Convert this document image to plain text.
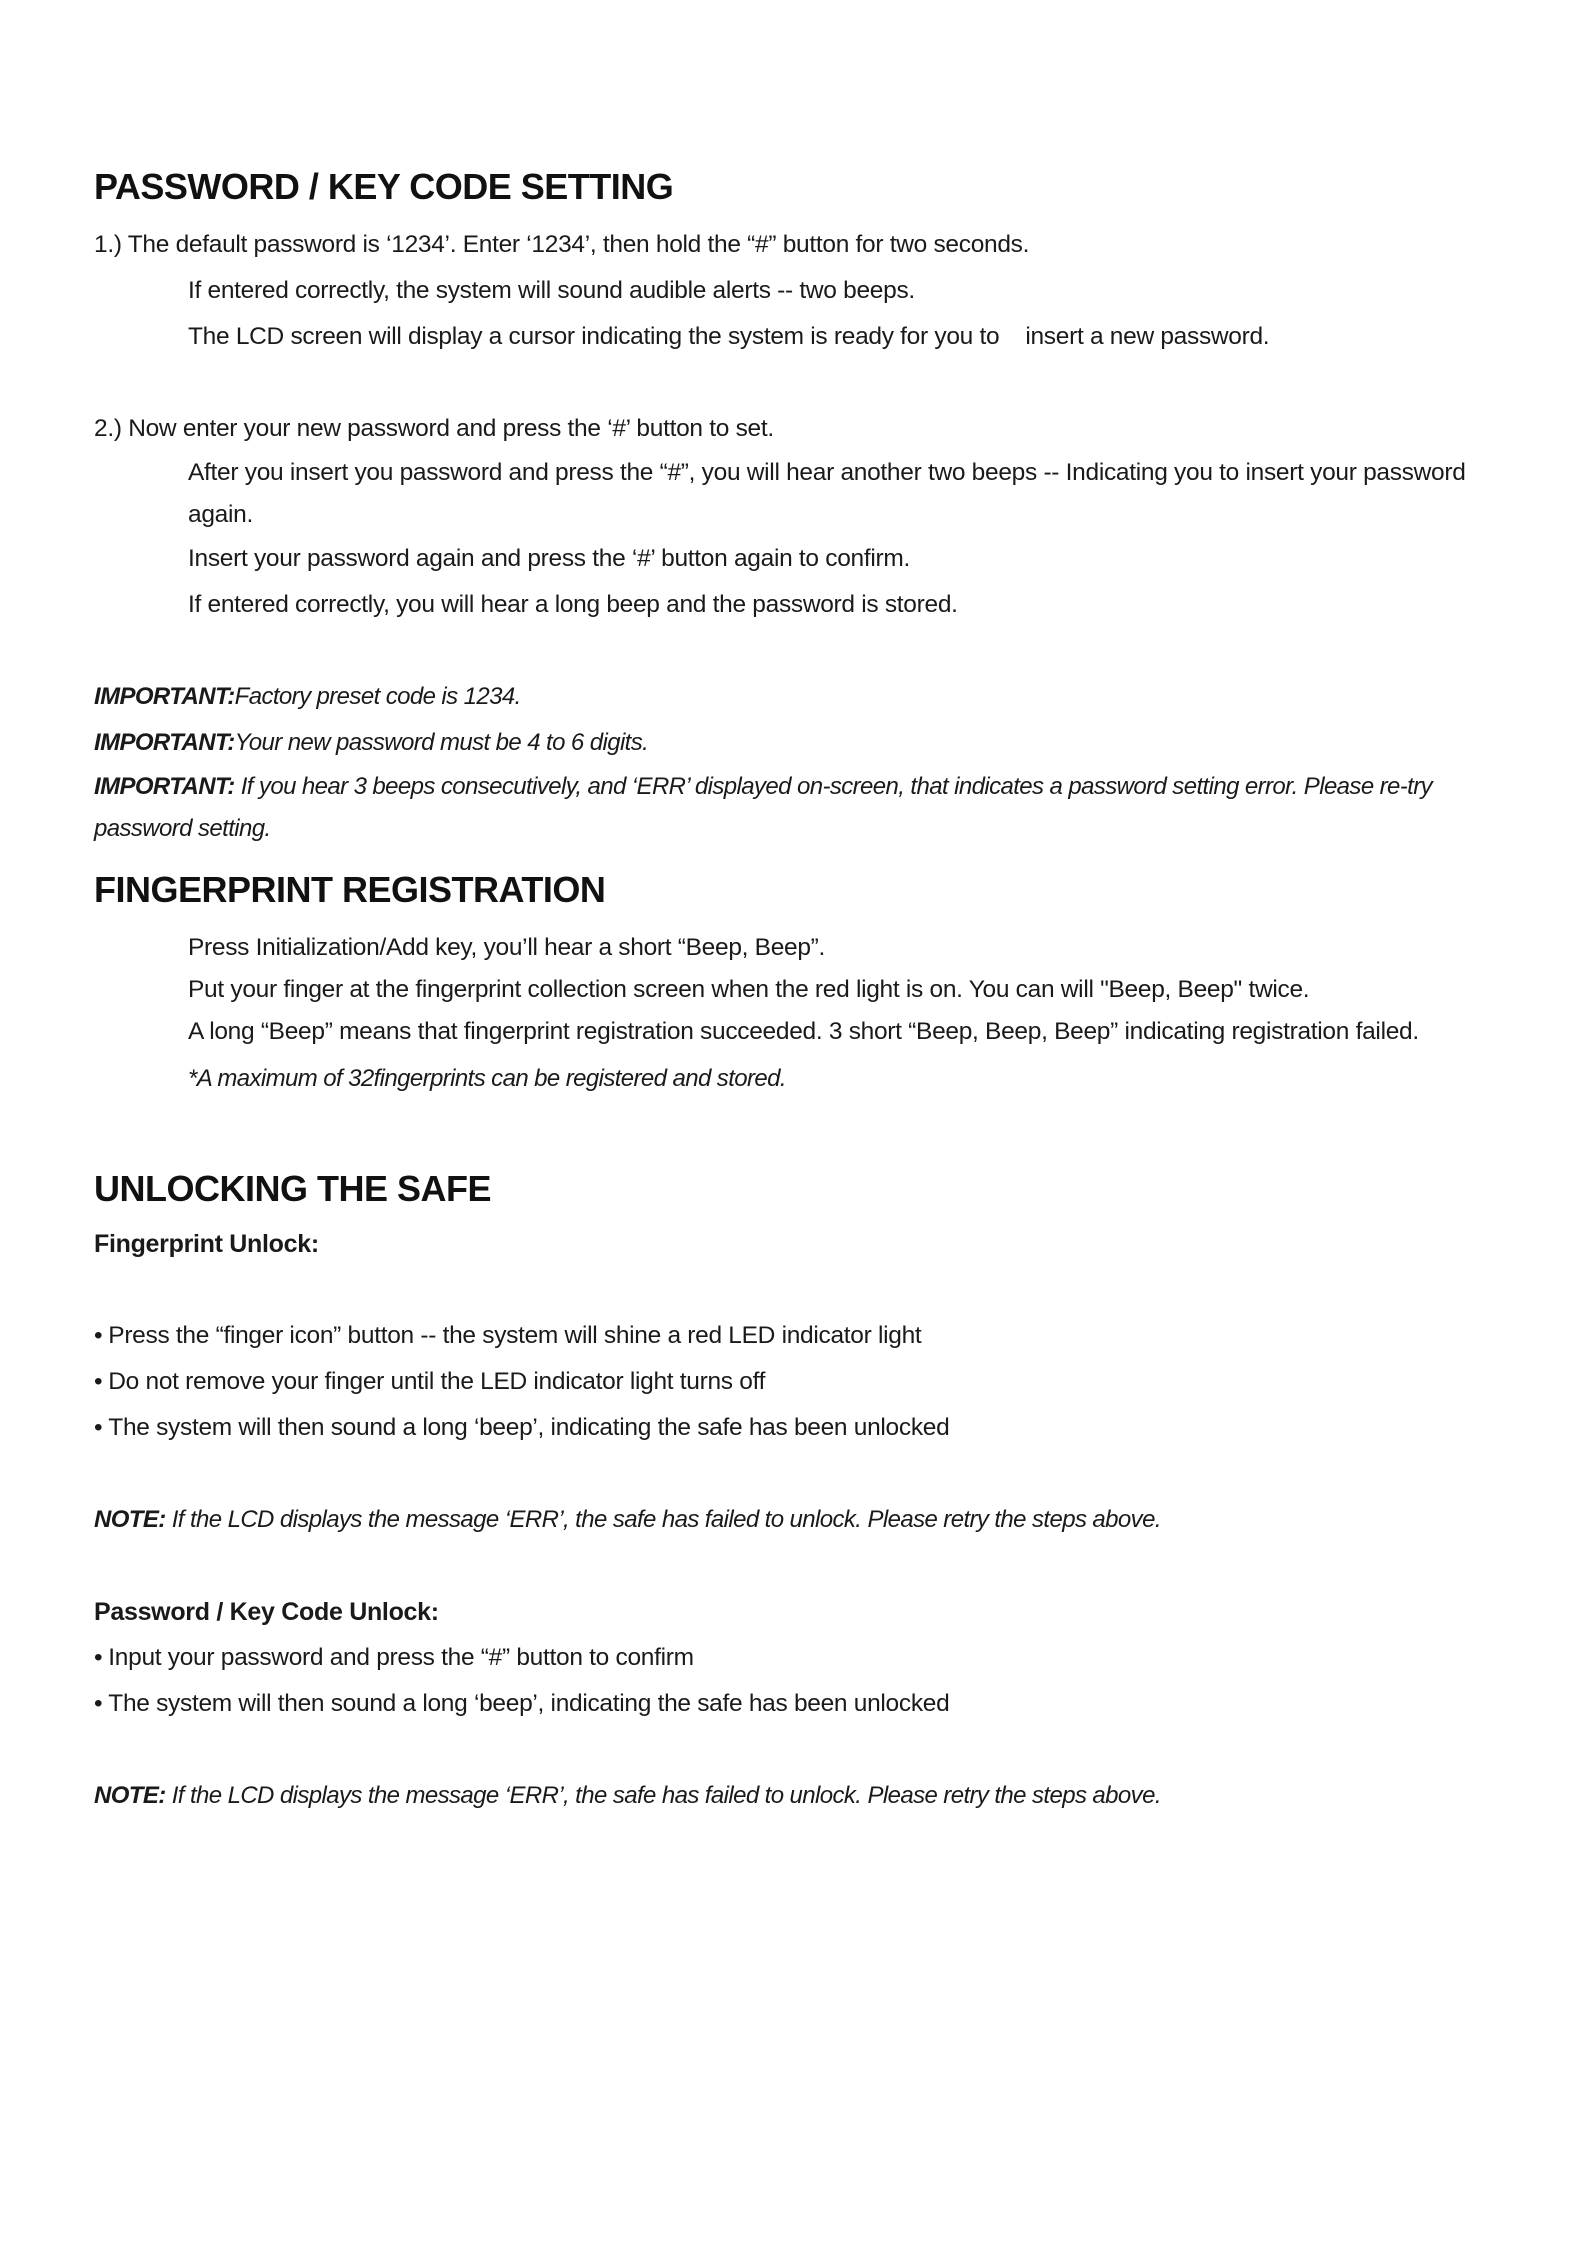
PASSWORD / KEY CODE SETTING
1.) The default password is ‘1234’. Enter ‘1234’, then hold the “#” button for two seconds.
If entered correctly, the system will sound audible alerts -- two beeps.
The LCD screen will display a cursor indicating the system is ready for you to    insert a new password.
2.) Now enter your new password and press the ‘#’ button to set.
After you insert you password and press the “#”, you will hear another two beeps -- Indicating you to insert your password again.
Insert your password again and press the ‘#’ button again to confirm.
If entered correctly, you will hear a long beep and the password is stored.
IMPORTANT:Factory preset code is 1234.
IMPORTANT:Your new password must be 4 to 6 digits.
IMPORTANT: If you hear 3 beeps consecutively, and ‘ERR’ displayed on-screen, that indicates a password setting error. Please re-try password setting.
FINGERPRINT REGISTRATION
Press Initialization/Add key, you’ll hear a short “Beep, Beep”.
Put your finger at the fingerprint collection screen when the red light is on. You can will "Beep, Beep" twice.
A long “Beep” means that fingerprint registration succeeded. 3 short “Beep, Beep, Beep” indicating registration failed.
*A maximum of 32fingerprints can be registered and stored.
UNLOCKING THE SAFE
Fingerprint Unlock:
• Press the “finger icon” button -- the system will shine a red LED indicator light
• Do not remove your finger until the LED indicator light turns off
• The system will then sound a long ‘beep’, indicating the safe has been unlocked
NOTE: If the LCD displays the message ‘ERR’, the safe has failed to unlock. Please retry the steps above.
Password / Key Code Unlock:
• Input your password and press the “#” button to confirm
• The system will then sound a long ‘beep’, indicating the safe has been unlocked
NOTE: If the LCD displays the message ‘ERR’, the safe has failed to unlock. Please retry the steps above.
